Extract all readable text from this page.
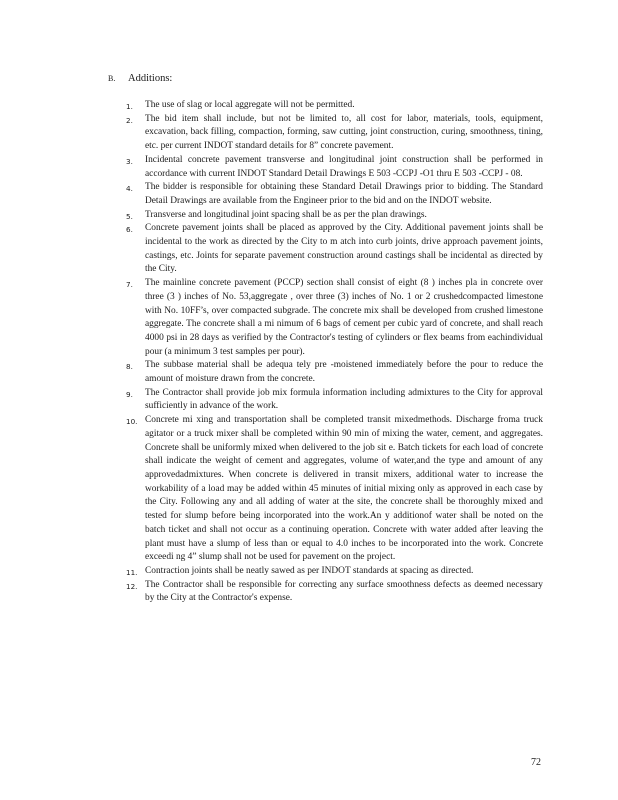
B. Additions:
1.	The use of slag or local aggregate will not be permitted.
2.	The bid item shall include, but not be limited to, all cost for labor, materials, tools, equipment, excavation, back filling, compaction, forming, saw cutting, joint construction, curing, smoothness, tining, etc. per current INDOT standard details for 8” concrete pavement.
3.	Incidental concrete pavement transverse and longitudinal joint construction shall be performed in accordance with current INDOT Standard Detail Drawings E 503 -CCPJ -O1 thru E 503 -CCPJ - 08.
4.	The bidder is responsible for obtaining these Standard Detail Drawings prior to bidding. The Standard Detail Drawings are available from the Engineer prior to the bid and on the INDOT website.
5.	Transverse and longitudinal joint spacing shall be as per the plan drawings.
6.	Concrete pavement joints shall be placed as approved by the City. Additional pavement joints shall be incidental to the work as directed by the City to m atch into curb joints, drive approach pavement joints, castings, etc. Joints for separate pavement construction around castings shall be incidental as directed by the City.
7.	The mainline concrete pavement (PCCP) section shall consist of eight (8 ) inches pla in concrete over three (3 ) inches of No. 53,aggregate , over three (3) inches of No. 1 or 2 crushedcompacted limestone with No. 10FF’s, over compacted subgrade. The concrete mix shall be developed from crushed limestone aggregate. The concrete shall a mi nimum of 6 bags of cement per cubic yard of concrete, and shall reach 4000 psi in 28 days as verified by the Contractor's testing of cylinders or flex beams from eachindividual pour (a minimum 3 test samples per pour).
8.	The subbase material shall be adequa tely pre -moistened immediately before the pour to reduce the amount of moisture drawn from the concrete.
9.	The Contractor shall provide job mix formula information including admixtures to the City for approval sufficiently in advance of the work.
10. Concrete mi xing and transportation shall be completed transit mixedmethods. Discharge froma truck agitator or a truck mixer shall be completed within 90 min of mixing the water, cement, and aggregates. Concrete shall be uniformly mixed when delivered to the job sit e. Batch tickets for each load of concrete shall indicate the weight of cement and aggregates, volume of water,and the type and amount of any approvedadmixtures. When concrete is delivered in transit mixers, additional water to increase the workability of a load may be added within 45 minutes of initial mixing only as approved in each case by the City. Following any and all adding of water at the site, the concrete shall be thoroughly mixed and tested for slump before being incorporated into the work.An y additionof water shall be noted on the batch ticket and shall not occur as a continuing operation. Concrete with water added after leaving the plant must have a slump of less than or equal to 4.0 inches to be incorporated into the work. Concrete exceedi ng 4” slump shall not be used for pavement on the project.
11. Contraction joints shall be neatly sawed as per INDOT standards at spacing as directed.
12. The Contractor shall be responsible for correcting any surface smoothness defects as deemed necessary by the City at the Contractor's expense.
72
